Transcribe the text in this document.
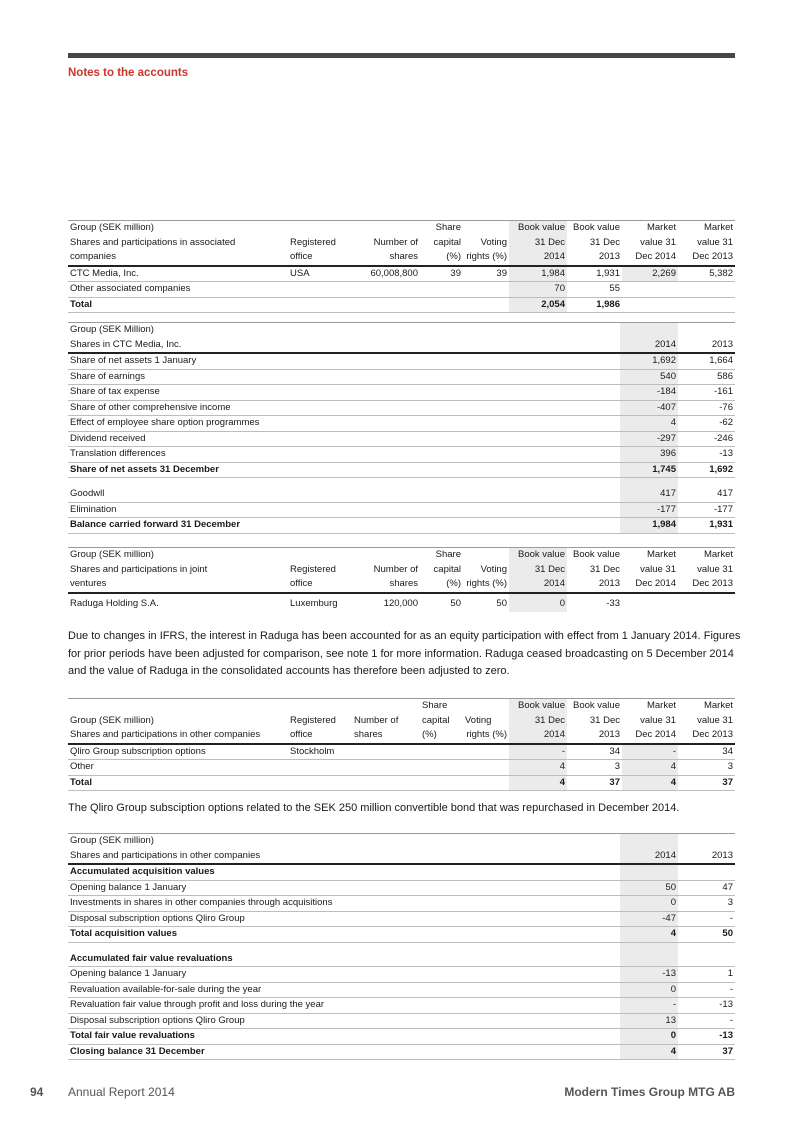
Notes to the accounts
Group (SEK million)			Share		Book value	Book value	Market	Market
Shares and participations in associated	Registered	Number of	capital	Voting	31 Dec	31 Dec	value 31	value 31
companies	office	shares	(%)	rights (%)	2014	2013	Dec 2014	Dec 2013
CTC Media, Inc.	USA	60,008,800	39	39	1,984	1,931	2,269	5,382
Other associated companies					70	55		
Total					2,054	1,986		
Group (SEK Million)		
Shares in CTC Media, Inc.	2014	2013
Share of net assets 1 January	1,692	1,664
Share of earnings	540	586
Share of tax expense	-184	-161
Share of other comprehensive income	-407	-76
Effect of employee share option programmes	4	-62
Dividend received	-297	-246
Translation differences	396	-13
Share of net assets 31 December	1,745	1,692

Goodwll	417	417
Elimination	-177	-177
Balance carried forward 31 December	1,984	1,931
Group (SEK million)			Share		Book value	Book value	Market	Market
Shares and participations in joint	Registered	Number of	capital	Voting	31 Dec	31 Dec	value 31	value 31
ventures	office	shares	(%)	rights (%)	2014	2013	Dec 2014	Dec 2013
Raduga Holding S.A.	Luxemburg	120,000	50	50	0	-33		

Due to changes in IFRS, the interest in Raduga has been accounted for as an equity participation with effect from 1 January 2014. Figures for prior periods have been adjusted for comparison, see note 1 for more information. Raduga ceased broadcasting on 5 December 2014 and the value of Raduga in the consolidated accounts has therefore been adjusted to zero.

			Share		Book value	Book value	Market	Market
Group (SEK million)	Registered	Number of	capital	Voting	31 Dec	31 Dec	value 31	value 31
Shares and participations in other companies	office	shares	(%)	rights (%)	2014	2013	Dec 2014	Dec 2013
Qliro Group subscription options	Stockholm				-	34	-	34
Other					4	3	4	3
Total					4	37	4	37

The Qliro Group subsciption options related to the SEK 250 million convertible bond that was repurchased in December 2014.

Group (SEK million)		
Shares and participations in other companies	2014	2013
Accumulated acquisition values		
Opening balance 1 January	50	47
Investments in shares in other companies through acquisitions	0	3
Disposal subscription options Qliro Group	-47	-
Total acquisition values	4	50

Accumulated fair value revaluations		
Opening balance 1 January	-13	1
Revaluation available-for-sale during the year	0	-
Revaluation fair value through profit and loss during the year	-	-13
Disposal subscription options Qliro Group	13	-
Total fair value revaluations	0	-13
Closing balance 31 December	4	37
94 Annual Report 2014	Modern Times Group MTG AB
